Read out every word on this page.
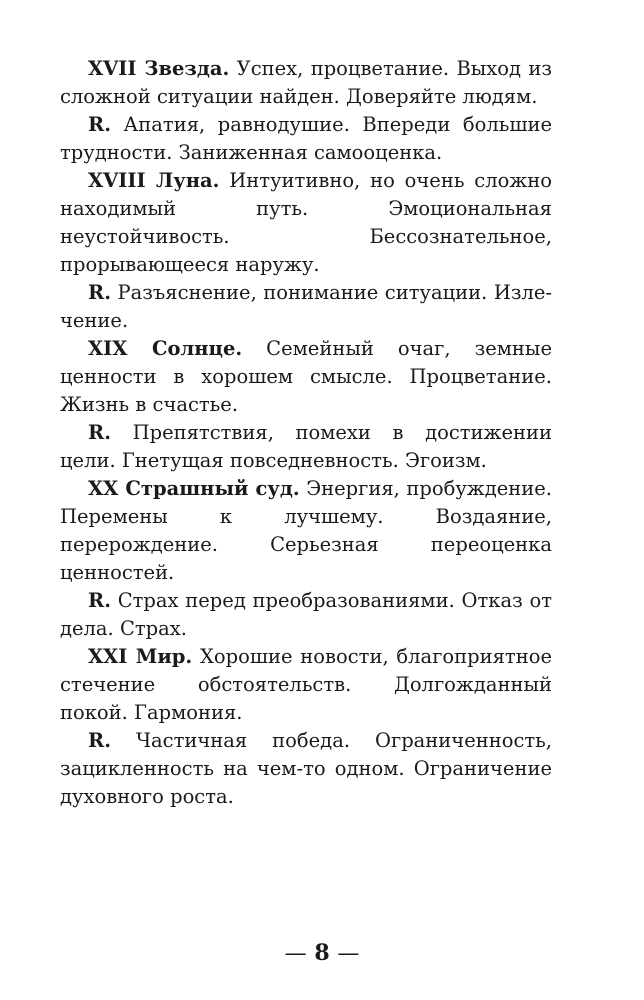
XVII Звезда. Успех, процветание. Выход из сложной ситуации найден. Доверяйте людям.

R. Апатия, равнодушие. Впереди большие трудности. Заниженная самооценка.

XVIII Луна. Интуитивно, но очень сложно находимый путь. Эмоциональная неустойчивость. Бессознательное, прорывающееся наружу.

R. Разъяснение, понимание ситуации. Излечение.

XIX Солнце. Семейный очаг, земные ценности в хорошем смысле. Процветание. Жизнь в счастье.

R. Препятствия, помехи в достижении цели. Гнетущая повседневность. Эгоизм.

XX Страшный суд. Энергия, пробуждение. Перемены к лучшему. Воздаяние, перерождение. Серьезная переоценка ценностей.

R. Страх перед преобразованиями. Отказ от дела. Страх.

XXI Мир. Хорошие новости, благоприятное стечение обстоятельств. Долгожданный покой. Гармония.

R. Частичная победа. Ограниченность, зацикленность на чем-то одном. Ограничение духовного роста.

— 8 —
